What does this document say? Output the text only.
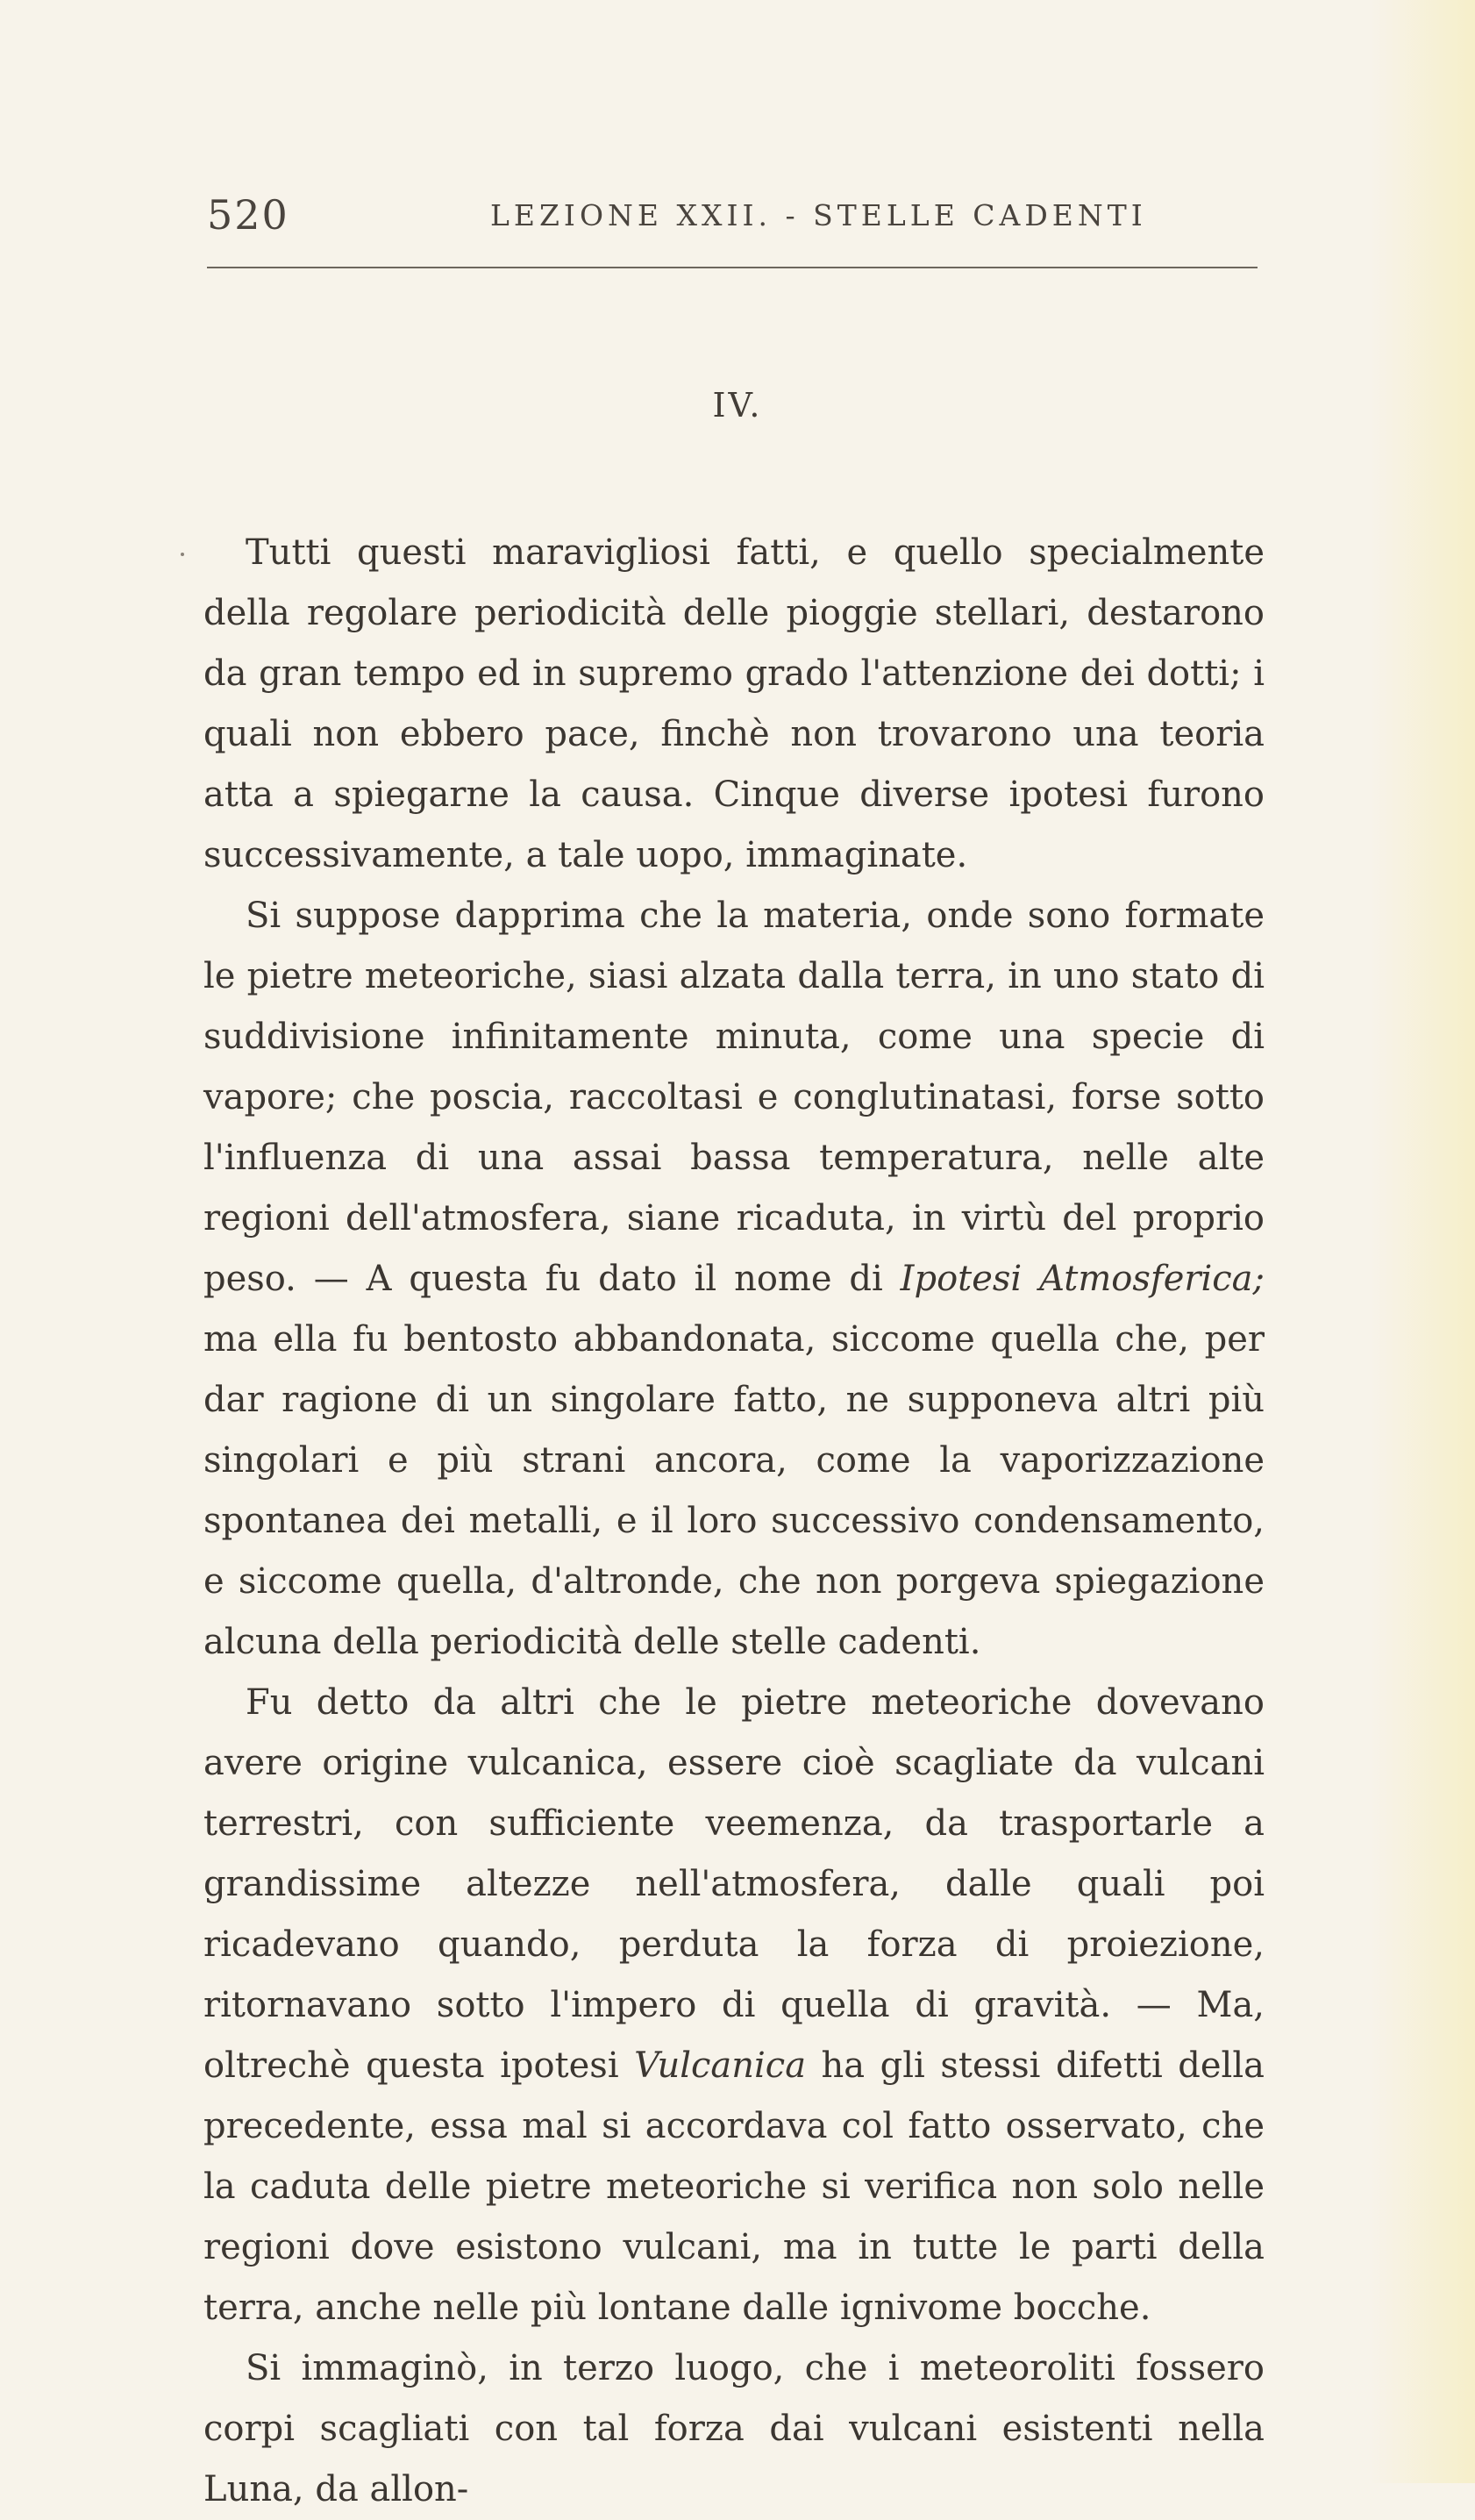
520	LEZIONE XXII. - STELLE CADENTI
IV.

Tutti questi maravigliosi fatti, e quello specialmente della regolare periodicità delle pioggie stellari, destarono da gran tempo ed in supremo grado l'attenzione dei dotti; i quali non ebbero pace, finchè non trovarono una teoria atta a spiegarne la causa. Cinque diverse ipotesi furono successivamente, a tale uopo, immaginate.

Si suppose dapprima che la materia, onde sono formate le pietre meteoriche, siasi alzata dalla terra, in uno stato di suddivisione infinitamente minuta, come una specie di vapore; che poscia, raccoltasi e conglutinatasi, forse sotto l'influenza di una assai bassa temperatura, nelle alte regioni dell'atmosfera, siane ricaduta, in virtù del proprio peso. — A questa fu dato il nome di Ipotesi Atmosferica; ma ella fu bentosto abbandonata, siccome quella che, per dar ragione di un singolare fatto, ne supponeva altri più singolari e più strani ancora, come la vaporizzazione spontanea dei metalli, e il loro successivo condensamento, e siccome quella, d'altronde, che non porgeva spiegazione alcuna della periodicità delle stelle cadenti.

Fu detto da altri che le pietre meteoriche dovevano avere origine vulcanica, essere cioè scagliate da vulcani terrestri, con sufficiente veemenza, da trasportarle a grandissime altezze nell'atmosfera, dalle quali poi ricadevano quando, perduta la forza di proiezione, ritornavano sotto l'impero di quella di gravità. — Ma, oltrechè questa ipotesi Vulcanica ha gli stessi difetti della precedente, essa mal si accordava col fatto osservato, che la caduta delle pietre meteoriche si verifica non solo nelle regioni dove esistono vulcani, ma in tutte le parti della terra, anche nelle più lontane dalle ignivome bocche.

Si immaginò, in terzo luogo, che i meteoroliti fossero corpi scagliati con tal forza dai vulcani esistenti nella Luna, da allon-
